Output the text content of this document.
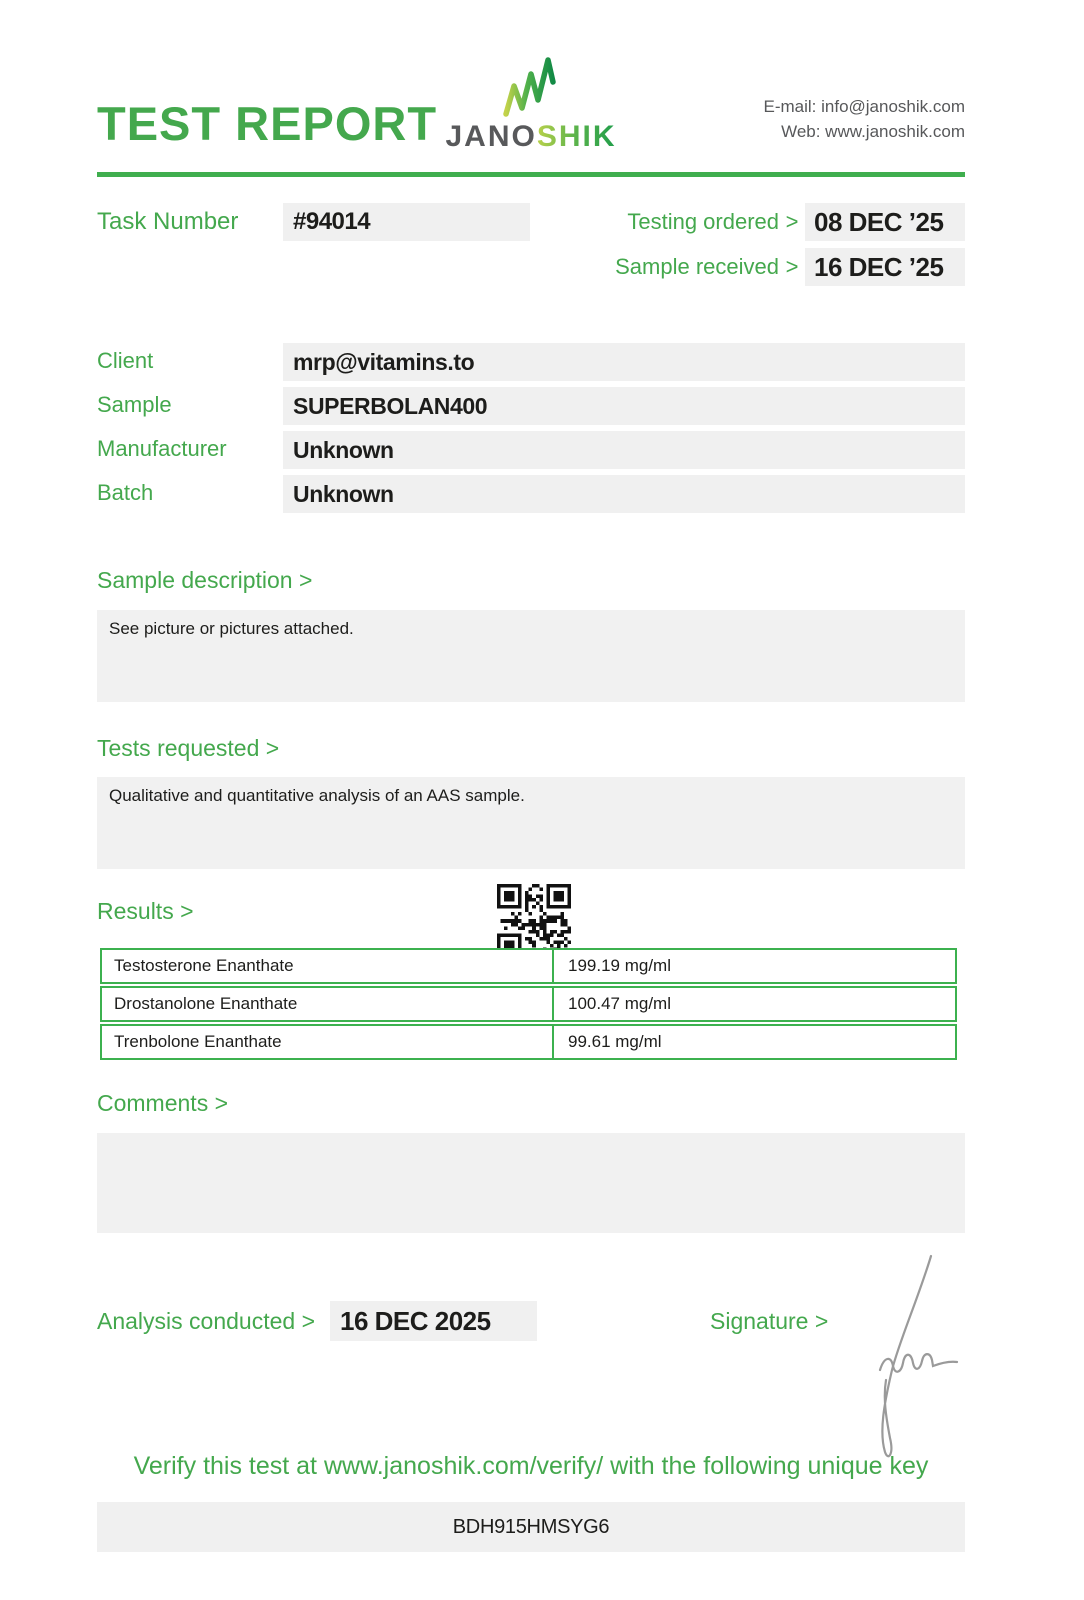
TEST REPORT JANOSHIK
E-mail: info@janoshik.com
Web: www.janoshik.com
Task Number	#94014	Testing ordered > 08 DEC ’25
Sample received > 16 DEC ’25
Client	mrp@vitamins.to
Sample	SUPERBOLAN400
Manufacturer	Unknown
Batch	Unknown
Sample description >
See picture or pictures attached.
Tests requested >
Qualitative and quantitative analysis of an AAS sample.
Results >
Testosterone Enanthate	199.19 mg/ml
Drostanolone Enanthate	100.47 mg/ml
Trenbolone Enanthate	99.61 mg/ml
Comments >
Analysis conducted > 16 DEC 2025	Signature >
Verify this test at www.janoshik.com/verify/ with the following unique key
BDH915HMSYG6
